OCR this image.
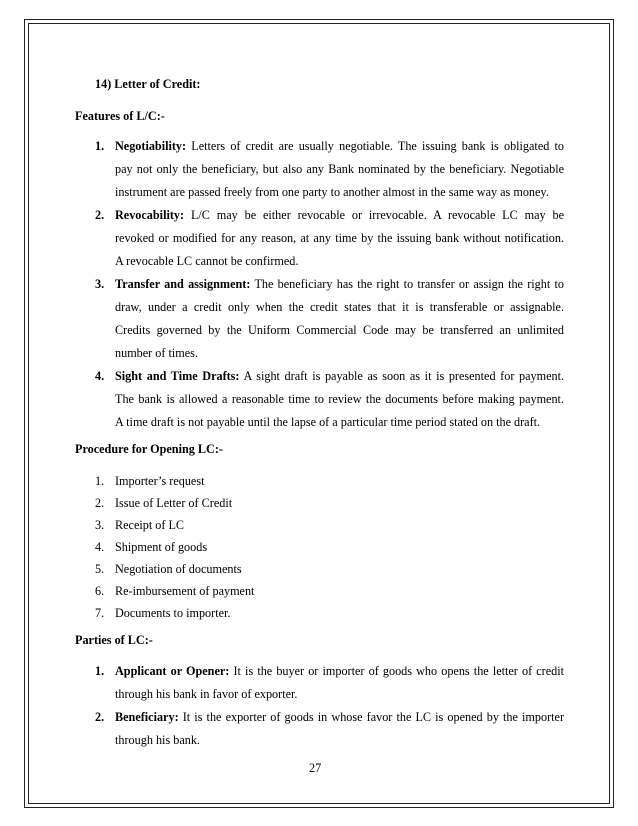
14) Letter of Credit:
Features of L/C:-
1. Negotiability: Letters of credit are usually negotiable. The issuing bank is obligated to
pay not only the beneficiary, but also any Bank nominated by the beneficiary. Negotiable
instrument are passed freely from one party to another almost in the same way as money.
2. Revocability: L/C may be either revocable or irrevocable. A revocable LC may be
revoked or modified for any reason, at any time by the issuing bank without notification.
A revocable LC cannot be confirmed.
3. Transfer and assignment: The beneficiary has the right to transfer or assign the right to
draw, under a credit only when the credit states that it is transferable or assignable.
Credits governed by the Uniform Commercial Code may be transferred an unlimited
number of times.
4. Sight and Time Drafts: A sight draft is payable as soon as it is presented for payment.
The bank is allowed a reasonable time to review the documents before making payment.
A time draft is not payable until the lapse of a particular time period stated on the draft.
Procedure for Opening LC:-
1. Importer’s request
2. Issue of Letter of Credit
3. Receipt of LC
4. Shipment of goods
5. Negotiation of documents
6. Re-imbursement of payment
7. Documents to importer.
Parties of LC:-
1. Applicant or Opener: It is the buyer or importer of goods who opens the letter of credit
through his bank in favor of exporter.
2. Beneficiary: It is the exporter of goods in whose favor the LC is opened by the importer
through his bank.
27
